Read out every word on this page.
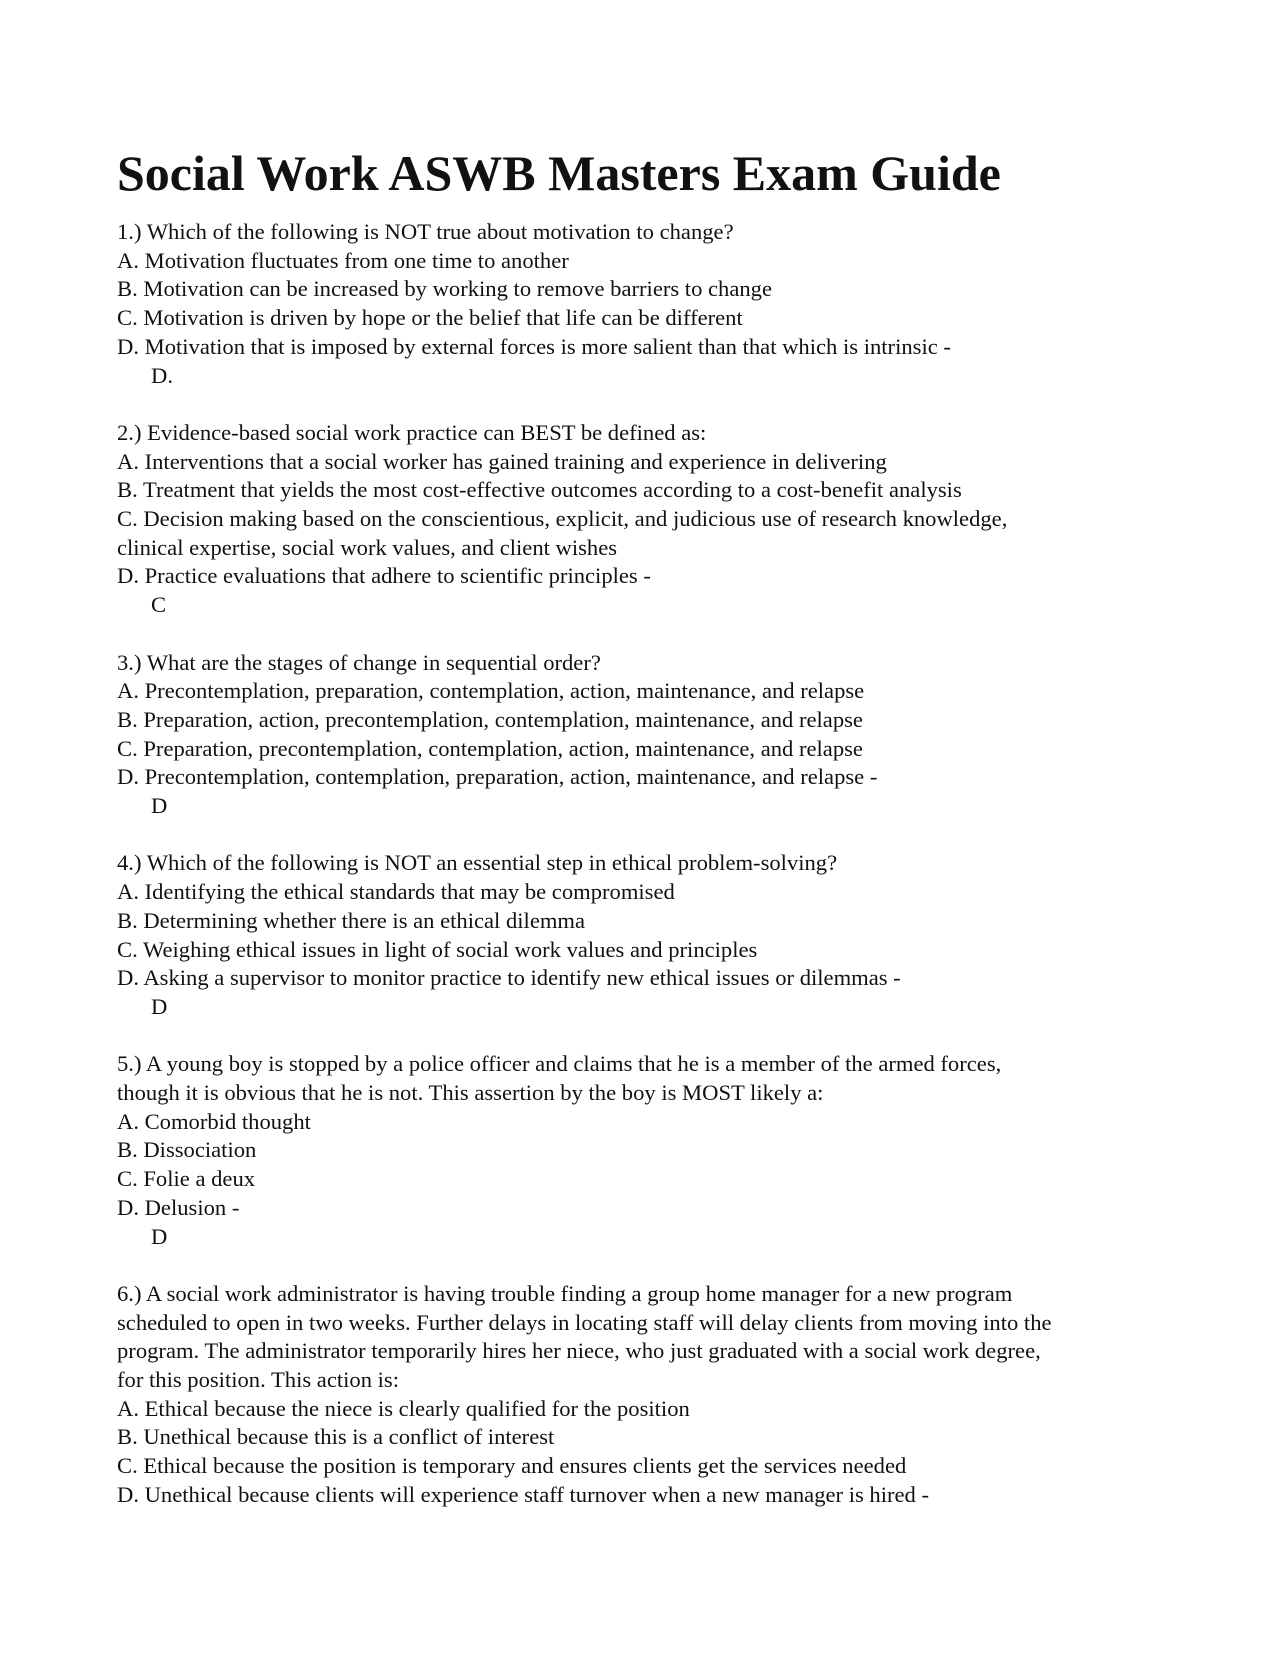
Social Work ASWB Masters Exam Guide
1.) Which of the following is NOT true about motivation to change?
A. Motivation fluctuates from one time to another
B. Motivation can be increased by working to remove barriers to change
C. Motivation is driven by hope or the belief that life can be different
D. Motivation that is imposed by external forces is more salient than that which is intrinsic -
D.
2.) Evidence-based social work practice can BEST be defined as:
A. Interventions that a social worker has gained training and experience in delivering
B. Treatment that yields the most cost-effective outcomes according to a cost-benefit analysis
C. Decision making based on the conscientious, explicit, and judicious use of research knowledge,
clinical expertise, social work values, and client wishes
D. Practice evaluations that adhere to scientific principles -
C
3.) What are the stages of change in sequential order?
A. Precontemplation, preparation, contemplation, action, maintenance, and relapse
B. Preparation, action, precontemplation, contemplation, maintenance, and relapse
C. Preparation, precontemplation, contemplation, action, maintenance, and relapse
D. Precontemplation, contemplation, preparation, action, maintenance, and relapse -
D
4.) Which of the following is NOT an essential step in ethical problem-solving?
A. Identifying the ethical standards that may be compromised
B. Determining whether there is an ethical dilemma
C. Weighing ethical issues in light of social work values and principles
D. Asking a supervisor to monitor practice to identify new ethical issues or dilemmas -
D
5.) A young boy is stopped by a police officer and claims that he is a member of the armed forces,
though it is obvious that he is not. This assertion by the boy is MOST likely a:
A. Comorbid thought
B. Dissociation
C. Folie a deux
D. Delusion -
D
6.) A social work administrator is having trouble finding a group home manager for a new program
scheduled to open in two weeks. Further delays in locating staff will delay clients from moving into the
program. The administrator temporarily hires her niece, who just graduated with a social work degree,
for this position. This action is:
A. Ethical because the niece is clearly qualified for the position
B. Unethical because this is a conflict of interest
C. Ethical because the position is temporary and ensures clients get the services needed
D. Unethical because clients will experience staff turnover when a new manager is hired -
